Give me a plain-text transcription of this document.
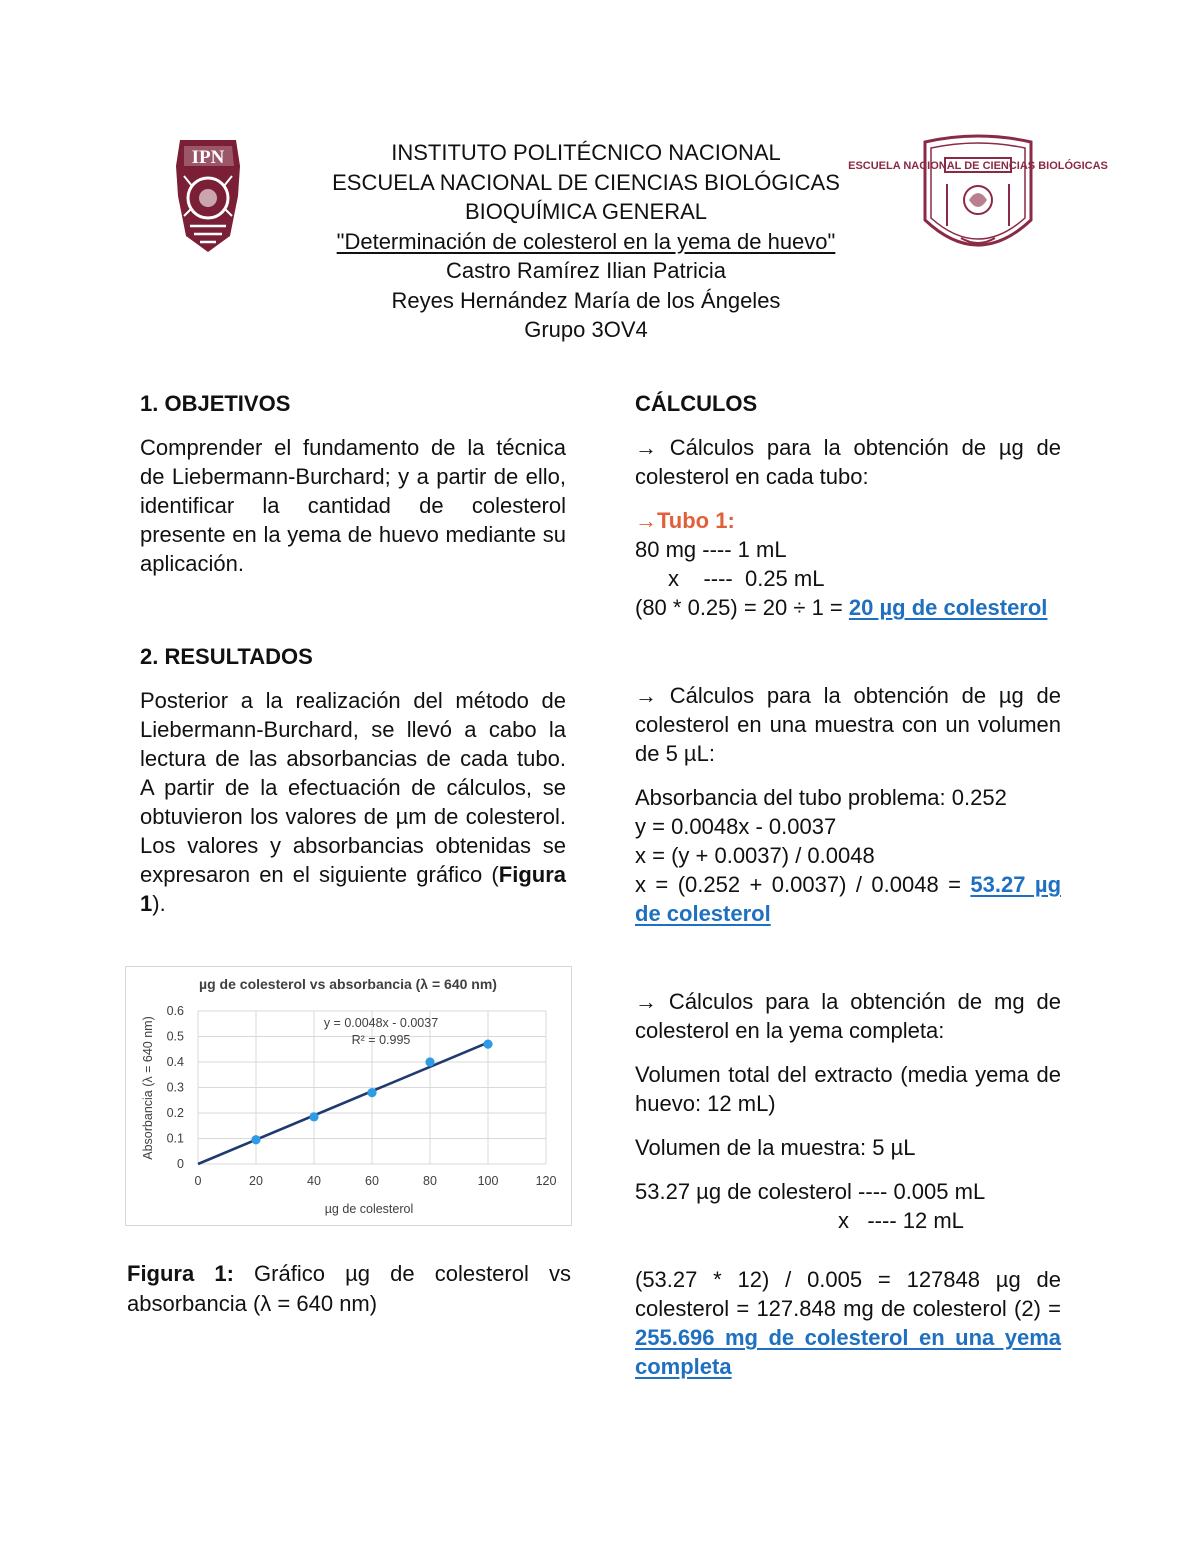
IPN	ESCUELA NACIONAL DE CIENCIAS BIOLÓGICAS
INSTITUTO POLITÉCNICO NACIONAL
ESCUELA NACIONAL DE CIENCIAS BIOLÓGICAS
BIOQUÍMICA GENERAL
"Determinación de colesterol en la yema de huevo"
Castro Ramírez Ilian Patricia
Reyes Hernández María de los Ángeles
Grupo 3OV4

1. OBJETIVOS

Comprender el fundamento de la técnica de Liebermann-Burchard; y a partir de ello, identificar la cantidad de colesterol presente en la yema de huevo mediante su aplicación.

2. RESULTADOS

Posterior a la realización del método de Liebermann-Burchard, se llevó a cabo la lectura de las absorbancias de cada tubo. A partir de la efectuación de cálculos, se obtuvieron los valores de µm de colesterol. Los valores y absorbancias obtenidas se expresaron en el siguiente gráfico (Figura 1).

0
0.1
0.2
0.3
0.4
0.5
0.6
0	20	40	60	80	100	120
µg de colesterol vs absorbancia (λ = 640 nm)
y = 0.0048x - 0.0037
R² = 0.995
µg de colesterol
Absorbancia (λ = 640 nm)
Figura 1: Gráfico µg de colesterol vs absorbancia (λ = 640 nm)

CÁLCULOS

→ Cálculos para la obtención de µg de colesterol en cada tubo:

→Tubo 1:

80 mg ---- 1 mL

x    ----  0.25 mL

(80 * 0.25) = 20 ÷ 1 = 20 µg de colesterol

→ Cálculos para la obtención de µg de colesterol en una muestra con un volumen de 5 µL:

Absorbancia del tubo problema: 0.252

y = 0.0048x - 0.0037

x = (y + 0.0037) / 0.0048

x = (0.252 + 0.0037) / 0.0048 = 53.27 µg de colesterol

→ Cálculos para la obtención de mg de colesterol en la yema completa:

Volumen total del extracto (media yema de huevo: 12 mL)

Volumen de la muestra: 5 µL

53.27 µg de colesterol ---- 0.005 mL

x   ---- 12 mL

(53.27 * 12) / 0.005 = 127848 µg de colesterol = 127.848 mg de colesterol (2) = 255.696 mg de colesterol en una yema completa
